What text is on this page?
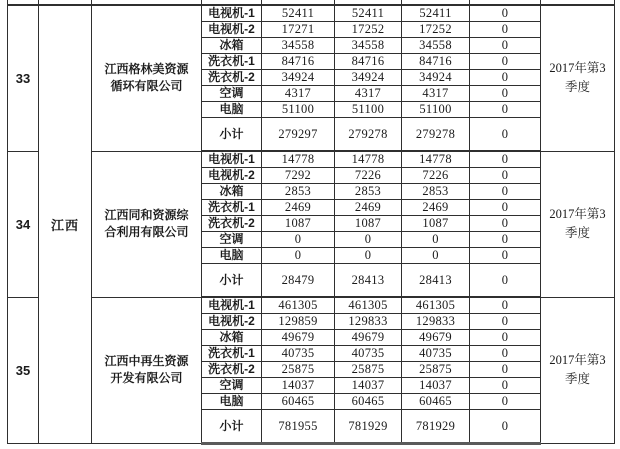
33	江西	江西格林美资源循环有限公司	电视机-1	52411	52411	52411	0	2017年第3季度
			电视机-2	17271	17252	17252	0	
			冰箱	34558	34558	34558	0	
			洗衣机-1	84716	84716	84716	0	
			洗衣机-2	34924	34924	34924	0	
			空调	4317	4317	4317	0	
			电脑	51100	51100	51100	0	
			小计	279297	279278	279278	0	
34		江西同和资源综合利用有限公司	电视机-1	14778	14778	14778	0	2017年第3季度
			电视机-2	7292	7226	7226	0	
			冰箱	2853	2853	2853	0	
			洗衣机-1	2469	2469	2469	0	
			洗衣机-2	1087	1087	1087	0	
			空调	0	0	0	0	
			电脑	0	0	0	0	
			小计	28479	28413	28413	0	
35		江西中再生资源开发有限公司	电视机-1	461305	461305	461305	0	2017年第3季度
			电视机-2	129859	129833	129833	0	
			冰箱	49679	49679	49679	0	
			洗衣机-1	40735	40735	40735	0	
			洗衣机-2	25875	25875	25875	0	
			空调	14037	14037	14037	0	
			电脑	60465	60465	60465	0	
			小计	781955	781929	781929	0	
